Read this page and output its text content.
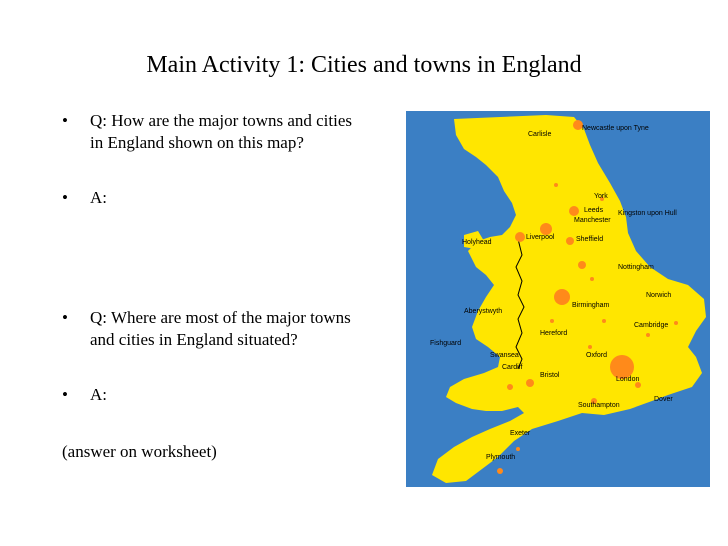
Main Activity 1: Cities and towns in England
• Q: How are the major towns and cities in England shown on this map?
• A:
• Q: Where are most of the major towns and cities in England situated?
• A:
(answer on worksheet)
Carlisle
Newcastle upon Tyne
York
Leeds
Manchester
Kingston upon Hull
Liverpool	Sheffield
Holyhead
Nottingham
Birmingham
Norwich
Aberystwyth
Cambridge
Fishguard
Hereford
Swansea	Oxford
Cardiff
Bristol
London
Dover
Southampton
Exeter
Plymouth
